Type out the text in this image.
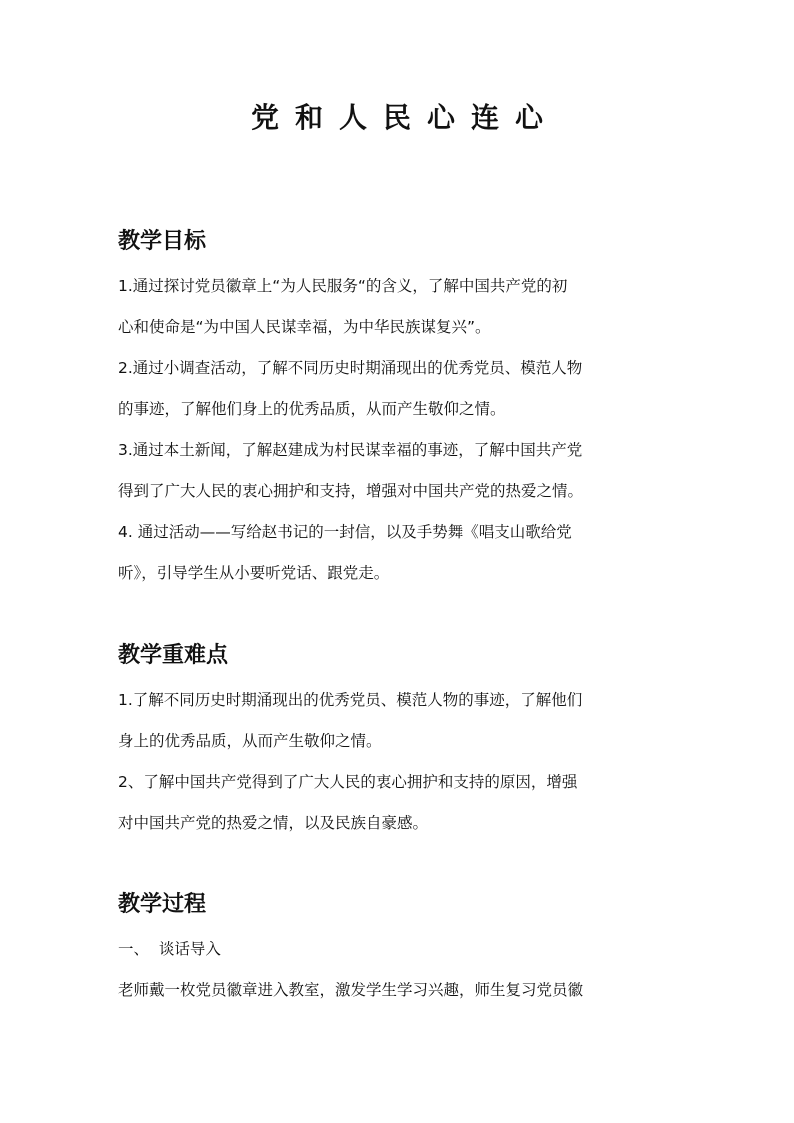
党和人民心连心
教学目标
1.通过探讨党员徽章上“为人民服务“的含义，了解中国共产党的初
心和使命是“为中国人民谋幸福，为中华民族谋复兴”。
2.通过小调查活动，了解不同历史时期涌现出的优秀党员、模范人物
的事迹，了解他们身上的优秀品质，从而产生敬仰之情。
3.通过本土新闻，了解赵建成为村民谋幸福的事迹，了解中国共产党
得到了广大人民的衷心拥护和支持，增强对中国共产党的热爱之情。
4. 通过活动——写给赵书记的一封信，以及手势舞《唱支山歌给党
听》，引导学生从小要听党话、跟党走。
教学重难点
1.了解不同历史时期涌现出的优秀党员、模范人物的事迹，了解他们
身上的优秀品质，从而产生敬仰之情。
2、了解中国共产党得到了广大人民的衷心拥护和支持的原因，增强
对中国共产党的热爱之情，以及民族自豪感。
教学过程
一、  谈话导入
老师戴一枚党员徽章进入教室，激发学生学习兴趣，师生复习党员徽
